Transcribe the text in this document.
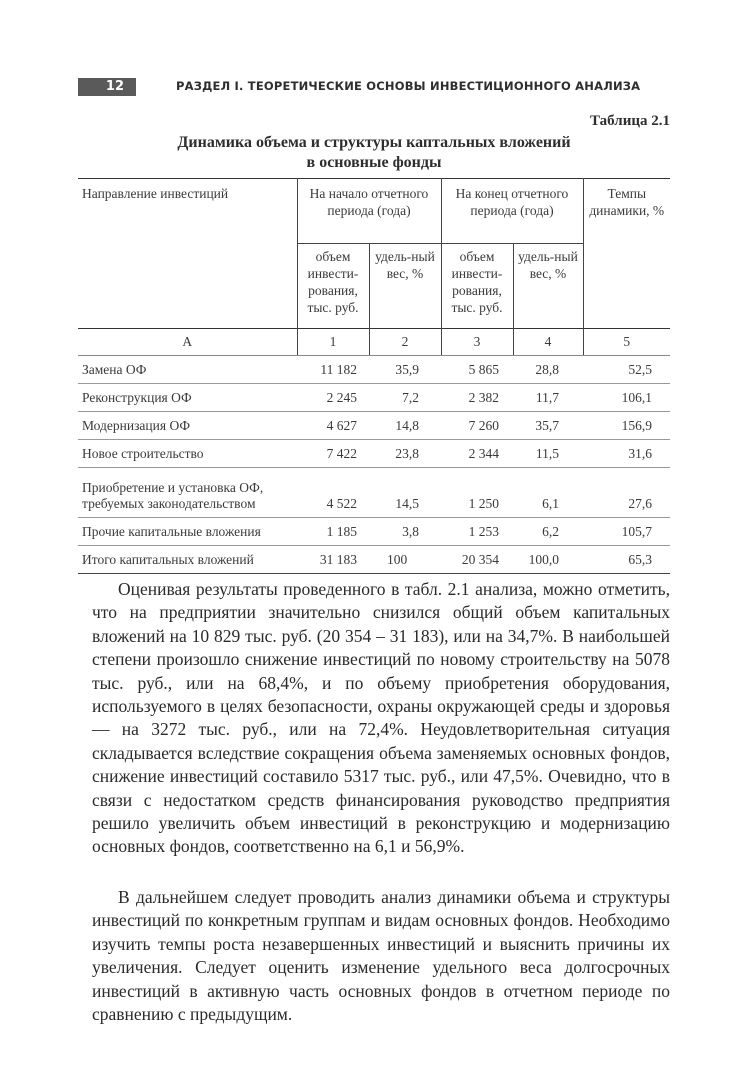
12	РАЗДЕЛ I. ТЕОРЕТИЧЕСКИЕ ОСНОВЫ ИНВЕСТИЦИОННОГО АНАЛИЗА
Таблица 2.1
Динамика объема и структуры каптальных вложений
в основные фонды
Направление инвестиций	На начало отчетного периода (года)		На конец отчетного периода (года)		Темпы динамики, %
	объем инвести-рования, тыс. руб.	удель-ный вес, %	объем инвести-рования, тыс. руб.	удель-ный вес, %	
А	1	2	3	4	5
Замена ОФ	11 182	35,9	5 865	28,8	52,5
Реконструкция ОФ	2 245	7,2	2 382	11,7	106,1
Модернизация ОФ	4 627	14,8	7 260	35,7	156,9
Новое строительство	7 422	23,8	2 344	11,5	31,6

Приобретение и установка ОФ,
требуемых законодательством	4 522	14,5	1 250	6,1	27,6
Прочие капитальные вложения	1 185	3,8	1 253	6,2	105,7
Итого капитальных вложений	31 183	100	20 354	100,0	65,3

Оценивая результаты проведенного в табл. 2.1 анализа, можно отметить, что на предприятии значительно снизился общий объем капитальных вложений на 10 829 тыс. руб. (20 354 – 31 183), или на 34,7%. В наибольшей степени произошло снижение инвестиций по новому строительству на 5078 тыс. руб., или на 68,4%, и по объему приобретения оборудования, используемого в целях безопасности, охраны окружающей среды и здоровья — на 3272 тыс. руб., или на 72,4%. Неудовлетворительная ситуация складывается вследствие сокращения объема заменяемых основных фондов, снижение инвестиций составило 5317 тыс. руб., или 47,5%. Очевидно, что в связи с недостатком средств финансирования руководство предприятия решило увеличить объем инвестиций в реконструкцию и модернизацию основных фондов, соответственно на 6,1 и 56,9%.

В дальнейшем следует проводить анализ динамики объема и структуры инвестиций по конкретным группам и видам основных фондов. Необходимо изучить темпы роста незавершенных инвестиций и выяснить причины их увеличения. Следует оценить изменение удельного веса долгосрочных инвестиций в активную часть основных фондов в отчетном периоде по сравнению с предыдущим.
